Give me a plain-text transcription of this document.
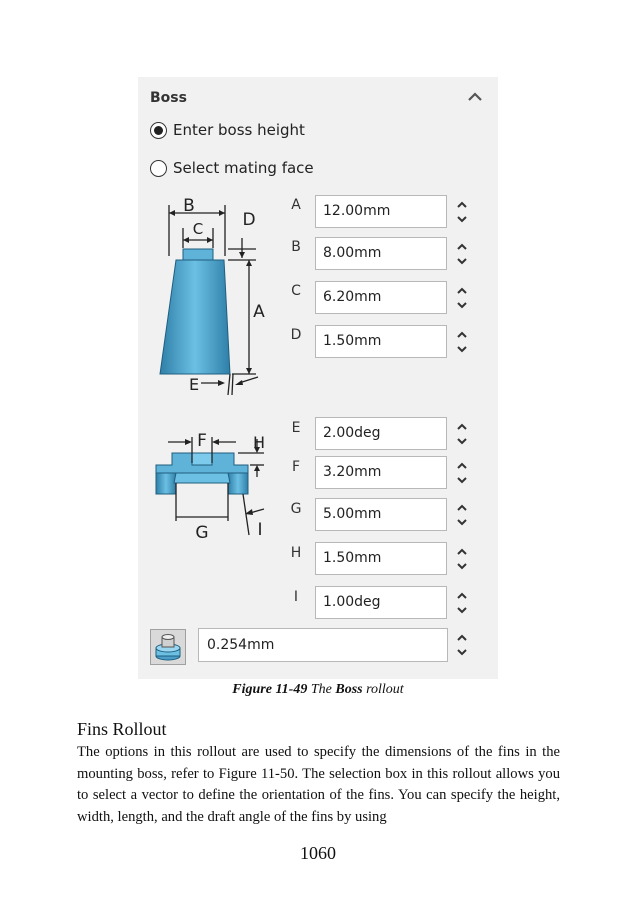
Boss
Enter boss height
Select mating face
B
C D
A
E
F	H
G	I
A	12.00mm
B	8.00mm
C	6.20mm
D	1.50mm
E	2.00deg
F	3.20mm
G	5.00mm
H	1.50mm
I	1.00deg
0.254mm
Figure 11-49 The Boss rollout
Fins Rollout
The options in this rollout are used to specify the dimensions of the fins in the mounting boss, refer to Figure 11-50. The selection box in this rollout allows you to select a vector to define the orientation of the fins. You can specify the height, width, length, and the draft angle of the fins by using
1060
